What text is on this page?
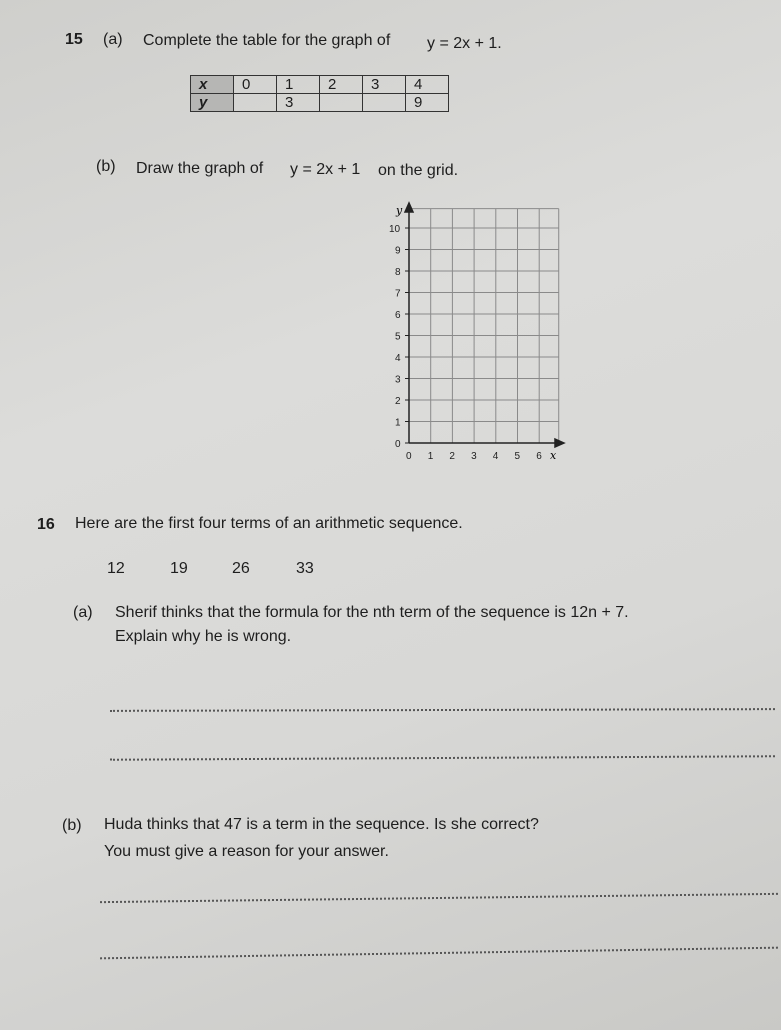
15 (a) Complete the table for the graph of y = 2x + 1.
x	0	1	2	3	4
y		3			9
(b) Draw the graph of y = 2x + 1 on the grid.
0 1 2 3 4 5 6
0
1
2
3
4
5
6
7
8
9
10
y
x
16 Here are the first four terms of an arithmetic sequence.
12	19	26	33
(a) Sherif thinks that the formula for the nth term of the sequence is 12n + 7.
Explain why he is wrong.
(b) Huda thinks that 47 is a term in the sequence. Is she correct?
You must give a reason for your answer.
